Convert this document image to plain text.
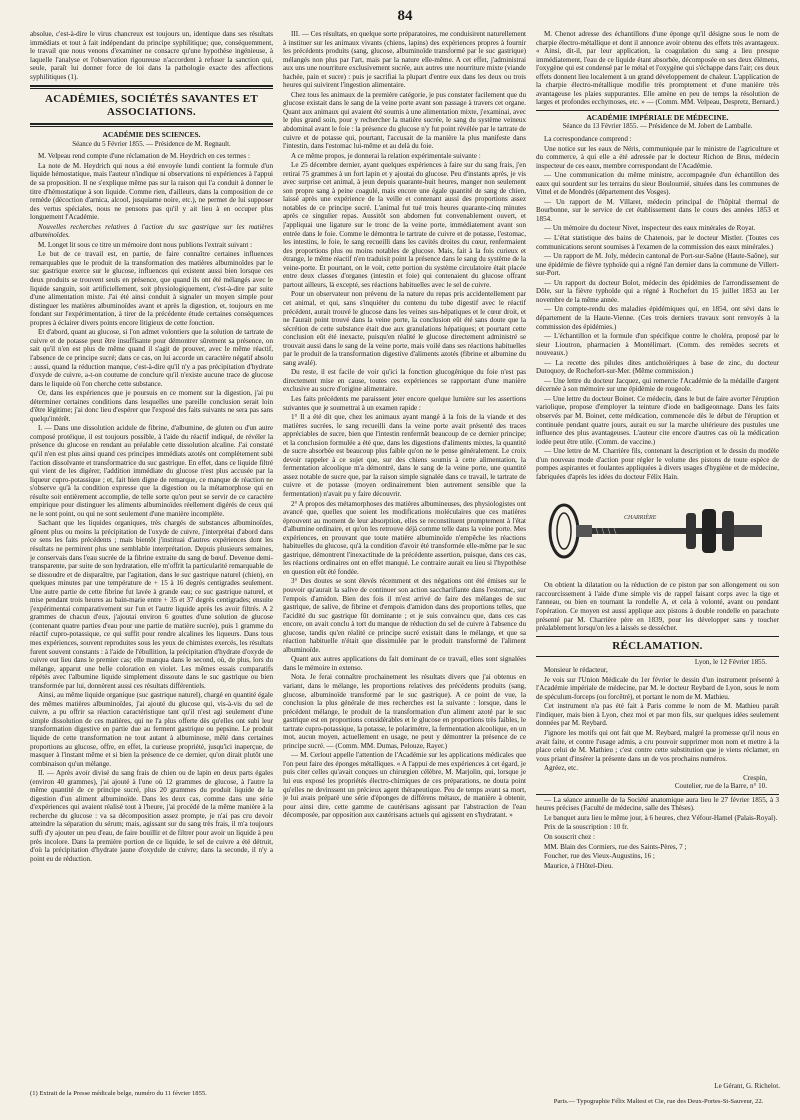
84

absolue, c'est-à-dire le virus chancreux est toujours un, identique dans ses résultats immédiats et tout à fait indépendant du principe syphilitique; que, conséquemment, le travail que nous venons d'examiner ne consacre qu'une hypothèse ingénieuse, à laquelle l'analyse et l'observation rigoureuse n'accordent à refuser la sanction qui, seule, paraît lui donner force de loi dans la pathologie exacte des affections syphilitiques (1).

ACADÉMIES, SOCIÉTÉS SAVANTES ET ASSOCIATIONS.
ACADÉMIE DES SCIENCES.
Séance du 5 Février 1855. — Présidence de M. Regnault.

M. Velpeau rend compte d'une réclamation de M. Heydrich en ces termes :

La note de M. Heydrich qui nous a été envoyée lundi contient la formule d'un liquide hémostatique, mais l'auteur n'indique ni observations ni expériences à l'appui de sa proposition. Il ne s'explique même pas sur la raison qui l'a conduit à donner le titre d'hémostatique à son liquide. Comme rien, d'ailleurs, dans la composition de ce remède (décoction d'arnica, alcool, jusquiame noire, etc.), ne permet de lui supposer des vertus spéciales, nous ne pensons pas qu'il y ait lieu à en occuper plus longuement l'Académie.

Nouvelles recherches relatives à l'action du suc gastrique sur les matières albuminoïdes.

M. Longet lit sous ce titre un mémoire dont nous publions l'extrait suivant :

Le but de ce travail est, en partie, de faire connaître certaines influences remarquables que le produit de la transformation des matières albuminoïdes par le suc gastrique exerce sur le glucose, influences qui existent aussi bien lorsque ces deux produits se trouvent seuls en présence, que quand ils ont été mélangés avec le liquide sanguin, soit artificiellement, soit physiologiquement, c'est-à-dire par suite d'une alimentation mixte. J'ai été ainsi conduit à signaler un moyen simple pour distinguer les matières albuminoïdes avant et après la digestion, et, toujours en me fondant sur l'expérimentation, à tirer de la précédente étude certaines conséquences propres à éclairer divers points encore litigieux de cette fonction.

Et d'abord, quant au glucose, si l'on admet volontiers que la solution de tartrate de cuivre et de potasse peut être insuffisante pour démontrer sûrement sa présence, on sait qu'il n'en est plus de même quand il s'agit de prouver, avec le même réactif, l'absence de ce principe sucré; dans ce cas, on lui accorde un caractère négatif absolu : aussi, quand la réduction manque, c'est-à-dire qu'il n'y a pas précipitation d'hydrate d'oxyde de cuivre, a-t-on coutume de conclure qu'il n'existe aucune trace de glucose dans le liquide où l'on cherche cette substance.

Or, dans les expériences que je poursuis en ce moment sur la digestion, j'ai pu déterminer certaines conditions dans lesquelles une pareille conclusion serait loin d'être légitime; j'ai donc lieu d'espérer que l'exposé des faits suivants ne sera pas sans quelqu'intérêt.

I. — Dans une dissolution acidule de fibrine, d'albumine, de gluten ou d'un autre composé protéique, il est toujours possible, à l'aide du réactif indiqué, de révéler la présence du glucose en rendant au préalable cette dissolution alcaline. J'ai constaté qu'il n'en est plus ainsi quand ces principes immédiats azotés ont complètement subi l'action dissolvante et transformatrice du suc gastrique. En effet, dans ce liquide filtré qui vient de les digérer, l'addition immédiate du glucose n'est plus accusée par la liqueur cupro-potassique ; et, fait bien digne de remarque, ce manque de réaction ne s'observe qu'à la condition expresse que la digestion ou la métamorphose qui en résulte soit entièrement accomplie, de telle sorte qu'on peut se servir de ce caractère empirique pour distinguer les aliments albuminoïdes réellement digérés de ceux qui ne le sont point, ou qui ne sont seulement d'une manière incomplète.

Sachant que les liquides organiques, très chargés de substances albuminoïdes, gênent plus ou moins la précipitation de l'oxyde de cuivre, j'interprétai d'abord dans ce sens les faits précédents ; mais bientôt j'instituai d'autres expériences dont les résultats ne permirent plus une semblable interprétation. Depuis plusieurs semaines, je conservais dans l'eau sucrée de la fibrine extraite du sang de bœuf. Devenue demi-transparente, par suite de son hydratation, elle m'offrit la particularité remarquable de se dissoudre et de disparaître, par l'agitation, dans le suc gastrique naturel (chien), en quelques minutes par une température de + 15 à 16 degrés centigrades seulement. Une autre partie de cette fibrine fut lavée à grande eau; ce suc gastrique naturel, et mise pendant trois heures au bain-marie entre + 35 et 37 degrés centigrades; ensuite j'expérimentai comparativement sur l'un et l'autre liquide après les avoir filtrés. A 2 grammes de chacun d'eux, j'ajoutai environ 6 gouttes d'une solution de glucose (contenant quatre parties d'eau pour une partie de matière sucrée), puis 1 gramme du réactif cupro-potassique, ce qui suffit pour rendre alcalines les liqueurs. Dans tous mes expériences, souvent reproduites sous les yeux de chimistes exercés, les résultats furent souvent constants : à l'aide de l'ébullition, la précipitation d'hydrate d'oxyde de cuivre eut lieu dans le premier cas; elle manqua dans le second, où, de plus, lors du mélange, apparut une belle coloration en violet. Les mêmes essais comparatifs répétés avec l'albumine liquide simplement dissoute dans le suc gastrique ou bien transformée par lui, donnèrent aussi ces résultats différentiels.

Ainsi, au même liquide organique (suc gastrique naturel), chargé en quantité égale des mêmes matières albuminoïdes, j'ai ajouté du glucose qui, vis-à-vis du sel de cuivre, a pu offrir sa réaction caractéristique tant qu'il n'est agi seulement d'une simple dissolution de ces matières, qui ne l'a plus offerte dès qu'elles ont subi leur transformation digestive en partie due au ferment gastrique ou pepsine. Le produit liquide de cette transformation ne tout autant à albuminose, mêlé dans certaines proportions au glucose, offre, en effet, la curieuse propriété, jusqu'ici inaperçue, de masquer à l'instant même et si bien la présence de ce dernier, qu'on dirait plutôt une combinaison qu'un mélange.

II. — Après avoir divisé du sang frais de chien ou de lapin en deux parts égales (environ 40 grammes), j'ai ajouté à l'une où 12 grammes de glucose, à l'autre la même quantité de ce principe sucré, plus 20 grammes du produit liquide de la digestion d'un aliment albuminoïde. Dans les deux cas, comme dans une série d'expériences qui avaient réalisé tout à l'heure, j'ai procédé de la même manière à la recherche du glucose : va sa décomposition assez prompte, je n'ai pas cru devoir atteindre la séparation du sérum; mais, agissant sur du sang très frais, il m'a toujours suffi d'y ajouter un peu d'eau, de faire bouillir et de filtrer pour avoir un liquide à peu près incolore. Dans la première portion de ce liquide, le sel de cuivre a été détruit, d'où la précipitation d'hydrate jaune d'oxydule de cuivre; dans la seconde, il n'y a point eu de réduction.

III. — Ces résultats, en quelque sorte préparatoires, me conduisirent naturellement à instituer sur les animaux vivants (chiens, lapins) des expériences propres à fournir les précédents produits (sang, glucose, albuminoïde transformé par le suc gastrique) mélangés non plus par l'art, mais par la nature elle-même. A cet effet, j'administrai aux uns une nourriture exclusivement sucrée, aux autres une nourriture mixte (viande hachée, pain et sucre) : puis je sacrifiai la plupart d'entre eux dans les deux ou trois heures qui suivirent l'ingestion alimentaire.

Chez tous les animaux de la première catégorie, je pus constater facilement que du glucose existait dans le sang de la veine porte avant son passage à travers cet organe. Quant aux animaux qui avaient été soumis à une alimentation mixte, j'examinai, avec le plus grand soin, pour y rechercher la matière sucrée, le sang du système veineux abdominal avant le foie : la présence du glucose n'y fut point révélée par le tartrate de cuivre et de potasse qui, pourtant, l'accusait de la manière la plus manifeste dans l'intestin, dans l'estomac lui-même et au delà du foie.

A ce même propos, je donnerai la relation expérimentale suivante :

Le 25 décembre dernier, ayant quelques expériences à faire sur du sang frais, j'en retirai 75 grammes à un fort lapin et y ajoutai du glucose. Peu d'instants après, je vis avec surprise cet animal, à jeun depuis quarante-huit heures, manger non seulement son propre sang à peine coagulé, mais encore une égale quantité de sang de chien, laissé après une expérience de la veille et contenant aussi des proportions assez notables de ce principe sucré. L'animal fut tué trois heures quarante-cinq minutes après ce singulier repas. Aussitôt son abdomen fut convenablement ouvert, et j'appliquai une ligature sur le tronc de la veine porte, immédiatement avant son entrée dans le foie. Comme le démontra le tartrate de cuivre et de potasse, l'estomac, les intestins, le foie, le sang recueilli dans les cavités droites du cœur, renfermaient des proportions plus ou moins notables de glucose. Mais, fait à la fois curieux et étrange, le même réactif n'en traduisit point la présence dans le sang du système de la veine-porte. Et pourtant, on le voit, cette portion du système circulatoire était placée entre deux classes d'organes (intestin et foie) qui contenaient du glucose offrant partout ailleurs, là excepté, ses réactions habituelles avec le sel de cuivre.

Pour un observateur non prévenu de la nature du repas pris accidentellement par cet animal, et qui, sans s'inquiéter du contenu du tube digestif avec le réactif précédent, aurait trouvé le glucose dans les veines sus-hépatiques et le cœur droit, et ne l'aurait point trouvé dans la veine porte, la conclusion eût été sans doute que la sécrétion de cette substance était due aux granulations hépatiques; et pourtant cette conclusion eût été inexacte, puisqu'en réalité le glucose directement administré se trouvait aussi dans le sang de la veine porte, mais voilé dans ses réactions habituelles par le produit de la transformation digestive d'aliments azotés (fibrine et albumine du sang avalé).

Du reste, il est facile de voir qu'ici la fonction glucogénique du foie n'est pas directement mise en cause, toutes ces expériences se rapportant d'une manière exclusive au sucre d'origine alimentaire.

Les faits précédents me paraissent jeter encore quelque lumière sur les assertions suivantes que je soumettrai à un examen rapide :

1° Il a été dit que, chez les animaux ayant mangé à la fois de la viande et des matières sucrées, le sang recueilli dans la veine porte avait présenté des traces appréciables de sucre, bien que l'intestin renfermât beaucoup de ce dernier principe; et la conclusion formulée a été que, dans les digestions d'aliments mixtes, la quantité de sucre absorbée est beaucoup plus faible qu'on ne le pense généralement. Le croix devoir rappeler à ce sujet que, sur des chiens soumis à cette alimentation, la fermentation alcoolique m'a démontré, dans le sang de la veine porte, une quantité assez notable de sucre que, par la raison simple signalée dans ce travail, le tartrate de cuivre et de potasse (moyen ordinairement bien autrement sensible que la fermentation) n'avait pu y faire découvrir.

2° A propos des métamorphoses des matières albumineuses, des physiologistes ont avancé que, quelles que soient les modifications moléculaires que ces matières éprouvent au moment de leur absorption, elles se reconstituent promptement à l'état d'albumine ordinaire, et qu'on les retrouve déjà comme telle dans la veine porte. Mes expériences, en prouvant que toute matière albuminoïde n'empêche les réactions habituelles du glucose, qu'à la condition d'avoir été transformée elle-même par le suc gastrique, démontrent l'inexactitude de la précédente assertion, puisque, dans ces cas, les réactions ordinaires ont en effet manqué. Le contraire aurait eu lieu si l'hypothèse en question eût été fondée.

3° Des doutes se sont élevés récemment et des négations ont été émises sur le pouvoir qu'aurait la salive de continuer son action saccharifiante dans l'estomac, sur l'empois d'amidon. Bien des fois il m'est arrivé de faire des mélanges de suc gastrique, de salive, de fibrine et d'empois d'amidon dans des proportions telles, que l'acidité du suc gastrique fût dominante ; et je suis convaincu que, dans ces cas encore, on avait conclu à tort du manque de réduction du sel de cuivre à l'absence du glucose, tandis qu'en réalité ce principe sucré existait dans le mélange, et que sa réaction habituelle n'était que dissimulée par le produit transformé de l'aliment albuminoïde.

Quant aux autres applications du fait dominant de ce travail, elles sont signalées dans le mémoire in extenso.

Nota. Je ferai connaître prochainement les résultats divers que j'ai obtenus en variant, dans le mélange, les proportions relatives des précédents produits (sang, glucose, albuminoïde transformé par le suc gastrique). A ce point de vue, la conclusion la plus générale de mes recherches est la suivante : lorsque, dans le précédent mélange, le produit de la transformation d'un aliment azoté par le suc gastrique est en proportions considérables et le glucose en proportions très faibles, le tartrate cupro-potassique, la potasse, le polarimètre, la fermentation alcoolique, en un mot, aucun moyen, actuellement en usage, ne peut y démontrer la présence de ce principe sucré. — (Comm. MM. Dumas, Pelouze, Rayer.)

— M. Cerlout appelle l'attention de l'Académie sur les applications médicales que l'on peut faire des éponges métalliques. « A l'appui de mes expériences à cet égard, je puis citer celles qu'avait conçues un chirurgien célèbre, M. Marjolin, qui, lorsque je lui eus exposé les propriétés électro-chimiques de ces préparations, ne douta point qu'elles ne devinssent un précieux agent thérapeutique. Peu de temps avant sa mort, je lui avais préparé une série d'éponges de différens métaux, de manière à obtenir, pour ainsi dire, cette gamme de cautérisans agissant par l'abstraction de l'eau décomposée, par opposition aux cautérisans actuels qui agissent en s'hydratant. »

M. Chenot adresse des échantillons d'une éponge qu'il désigne sous le nom de charpie électro-métallique et dont il annonce avoir obtenu des effets très avantageux. « Ainsi, dit-il, par leur application, la coagulation du sang a lieu presque immédiatement, l'eau de ce liquide étant absorbée, décomposée en ses deux élémens, l'oxygène qui est condensé par le métal et l'oxygène qui s'échappe dans l'air; ces deux effets donnent lieu localement à un grand développement de chaleur. L'application de la charpie électro-métallique modifie très promptement et d'une manière très avantageuse les plaies suppurantes. Elle amène en peu de temps la résolution de larges et profondes ecchymoses, etc. » — (Comm. MM. Velpeau, Despretz, Bernard.)

ACADÉMIE IMPÉRIALE DE MÉDECINE.
Séance du 13 Février 1855. — Présidence de M. Jobert de Lamballe.

La correspondance comprend :

Une notice sur les eaux de Néris, communiquée par le ministre de l'agriculture et du commerce, à qui elle a été adressée par le docteur Richon de Brus, médecin inspecteur de ces eaux, membre correspondant de l'Académie.

— Une communication du même ministre, accompagnée d'un échantillon des eaux qui sourdent sur les terrains du sieur Bouloumié, situées dans les communes de Vittel et de Mondrès (département des Vosges).

— Un rapport de M. Villaret, médecin principal de l'hôpital thermal de Bourbonne, sur le service de cet établissement dans le cours des années 1853 et 1854.

— Un mémoire du docteur Nivet, inspecteur des eaux minérales de Royat.

— L'état statistique des bains de Chatenois, par le docteur Mistler. (Toutes ces communications seront soumises à l'examen de la commission des eaux minérales.)

— Un rapport de M. Joly, médecin cantonal de Port-sur-Saône (Haute-Saône), sur une épidémie de fièvre typhoïde qui a régné l'an dernier dans la commune de Villert-sur-Port.

— Un rapport du docteur Bolot, médecin des épidémies de l'arrondissement de Dôle, sur la fièvre typhoïde qui a régné à Rochefort du 15 juillet 1853 au 1er novembre de la même année.

— Un compte-rendu des maladies épidémiques qui, en 1854, ont sévi dans le département de la Haute-Vienne. (Ces trois derniers travaux sont renvoyés à la commission des épidémies.)

— L'échantillon et la formule d'un spécifique contre le choléra, proposé par le sieur Lioutron, pharmacien à Montélimart. (Comm. des remèdes secrets et nouveaux.)

— La recette des pilules dites antichoiériques à base de zinc, du docteur Dutoquoy, de Rochefort-sur-Mer. (Même commission.)

— Une lettre du docteur Jacquez, qui remercie l'Académie de la médaille d'argent décernée à son mémoire sur une épidémie de rougeole.

— Une lettre du docteur Boinet. Ce médecin, dans le but de faire avorter l'éruption variolique, propose d'employer la teinture d'iode en badigeonnage. Dans les faits observés par M. Boinet, cette médication, commencée dès le début de l'éruption et continuée pendant quatre jours, aurait eu sur la marche ultérieure des pustules une influence des plus avantageuses. L'auteur cite encore d'autres cas où la médication iodée peut être utile. (Comm. de vaccine.)

— Une lettre de M. Charrière fils, contenant la description et le dessin du modèle d'un nouveau mode d'action pour régler le volume des pistons de toute espèce de pompes aspirantes et foulantes appliquées à divers usages d'hygiène et de médecine, fabriquées d'après les idées du docteur Félix Hain.

CHARRIÈRE

On obtient la dilatation ou la réduction de ce piston par son allongement ou son raccourcissement à l'aide d'une simple vis de rappel faisant corps avec la tige et l'anneau, ou bien en tournant la rondelle A, et cela à volonté, avant ou pendant l'opération. Ce moyen est aussi applique aux pistons à double rondelle en parachute présenté par M. Charrière père en 1839, pour les développer sans y toucher préalablement lorsqu'on les a laissés se dessécher.

RÉCLAMATION.
Lyon, le 12 Février 1855.

Monsieur le rédacteur,

Je vois sur l'Union Médicale du 1er février le dessin d'un instrument présenté à l'Académie impériale de médecine, par M. le docteur Reybard de Lyon, sous le nom de spéculum-forceps (ou forcêtré), et portant le nom de M. Mathieu.

Cet instrument n'a pas été fait à Paris comme le nom de M. Mathieu paraît l'indiquer, mais bien à Lyon, chez moi et par mon fils, sur quelques idées seulement données par M. Reybard.

J'ignore les motifs qui ont fait que M. Reybard, malgré la promesse qu'il nous en avait faite, et contre l'usage admis, a cru pouvoir supprimer mon nom et mettre à la place celui de M. Mathieu ; c'est contre cette substitution que je viens réclamer, en vous priant d'insérer la présente dans un de vos prochains numéros.

Agréez, etc.

Crespin,
Coutelier, rue de la Barre, n° 10.

— La séance annuelle de la Société anatomique aura lieu le 27 février 1855, à 3 heures précises (Faculté de médecine, salle des Thèses).

Le banquet aura lieu le même jour, à 6 heures, chez Véfour-Hamel (Palais-Royal).

Prix de la souscription : 10 fr.

On souscrit chez :

MM. Blain des Cormiers, rue des Saints-Pères, 7 ;

Foucher, rue des Vieux-Augustins, 16 ;

Maurice, à l'Hôtel-Dieu.

(1) Extrait de la Presse médicale belge, numéro du 11 février 1855.
Le Gérant, G. Richelot.
Paris.— Typographie Félix Maltest et Cie, rue des Deux-Portes-St-Sauveur, 22.
